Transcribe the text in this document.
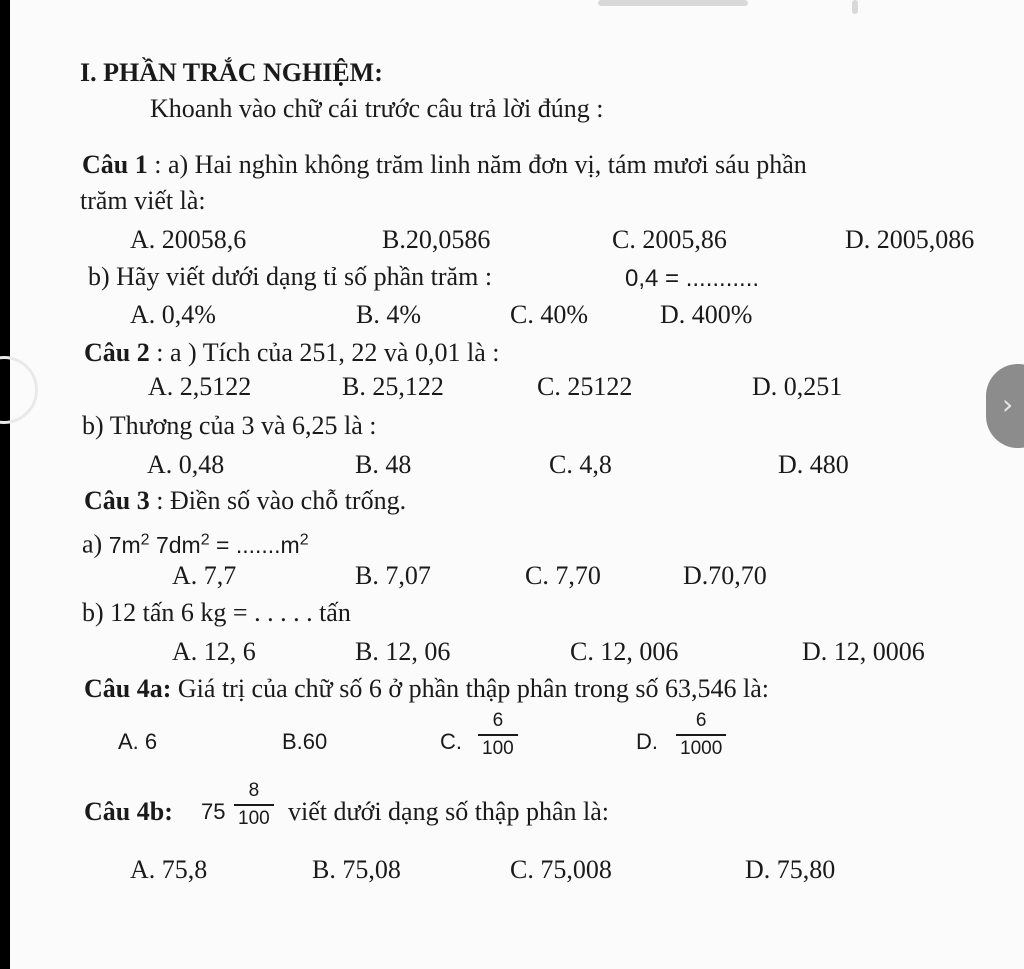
I. PHẦN TRẮC NGHIỆM:
Khoanh vào chữ cái trước câu trả lời đúng :
Câu 1 : a) Hai nghìn không trăm linh năm đơn vị, tám mươi sáu phần
trăm viết là:
A. 20058,6	B.20,0586	C. 2005,86	D. 2005,086
b) Hãy viết dưới dạng tỉ số phần trăm :	0,4 = ...........
A. 0,4%	B. 4%	C. 40%	D. 400%
Câu 2 : a ) Tích của 251, 22 và 0,01 là :
A. 2,5122	B. 25,122	C. 25122	D. 0,251
b) Thương của 3 và 6,25 là :
A. 0,48	B. 48	C. 4,8	D. 480
Câu 3 : Điền số vào chỗ trống.
a) $7m^2$ $7dm^2 = .......m^2$
A. 7,7	B. 7,07	C. 7,70	D.70,70
b) 12 tấn 6 kg = . . . . . tấn
A. 12, 6	B. 12, 06	C. 12, 006	D. 12, 0006
Câu 4a: Giá trị của chữ số 6 ở phần thập phân trong số 63,546 là:
A. 6	B.60	C. $\frac{6}{100}$	D. $\frac{6}{1000}$
Câu 4b: $75 \frac{8}{100}$ viết dưới dạng số thập phân là:
A. 75,8	B. 75,08	C. 75,008	D. 75,80
›
